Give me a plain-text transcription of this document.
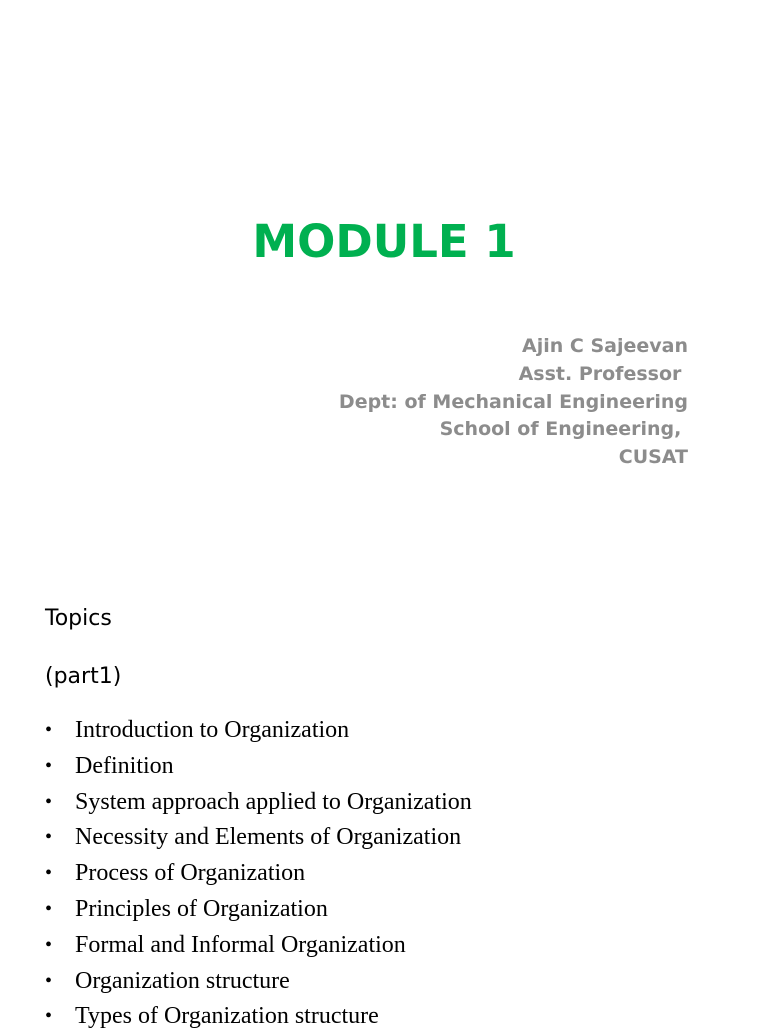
MODULE 1
Ajin C Sajeevan
Asst. Professor
Dept: of Mechanical Engineering
School of Engineering,
CUSAT
Topics
(part1)
• Introduction to Organization
• Definition
• System approach applied to Organization
• Necessity and Elements of Organization
• Process of Organization
• Principles of Organization
• Formal and Informal Organization
• Organization structure
• Types of Organization structure
